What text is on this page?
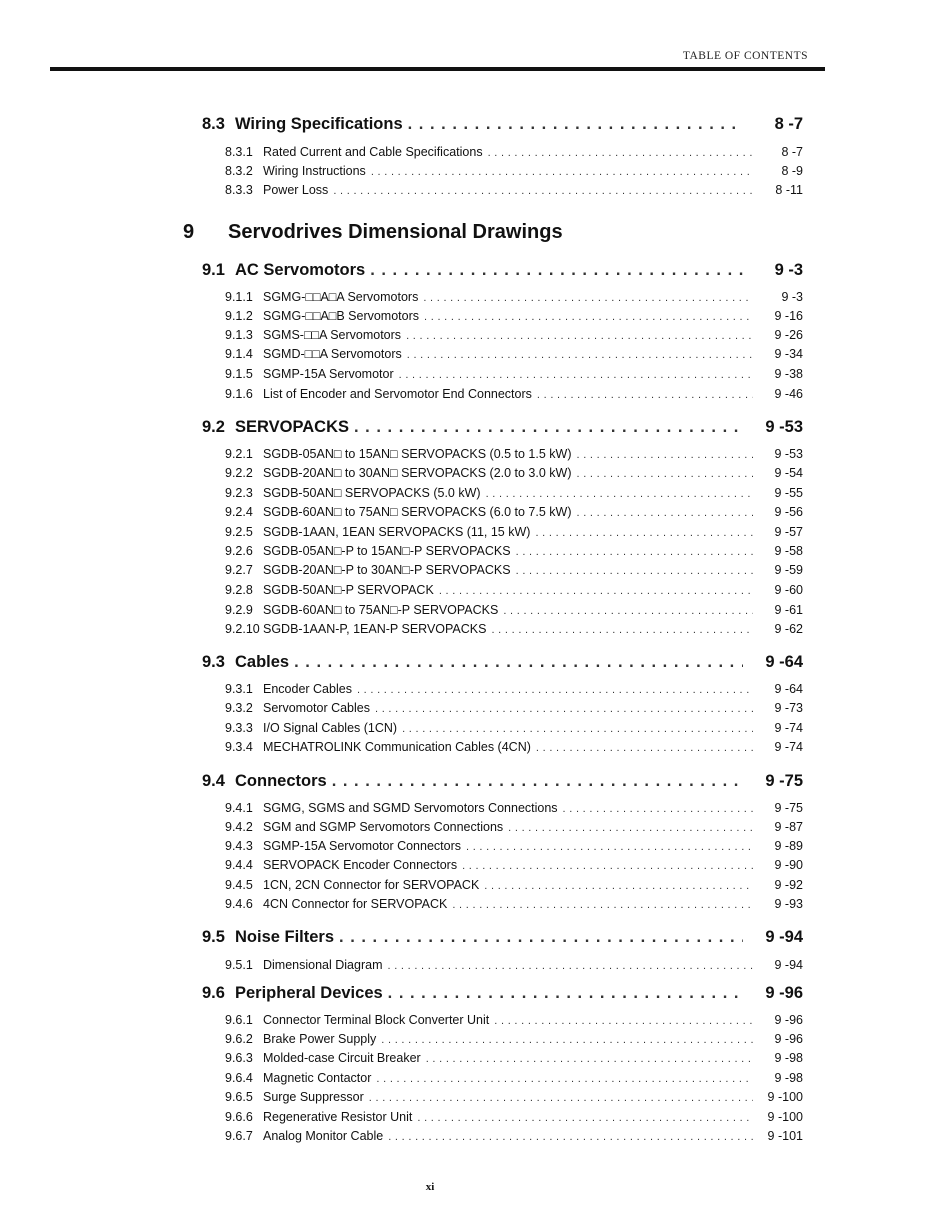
TABLE OF CONTENTS
9	Servodrives Dimensional Drawings
8.3 Wiring Specifications . . .	8 -7
8.3.1 Rated Current and Cable Specifications . . .	8 -7
8.3.2 Wiring Instructions . . .	8 -9
8.3.3 Power Loss . . .	8 -11
9.1 AC Servomotors . . .	9 -3
9.1.1 SGMG-□□A□A Servomotors . . .	9 -3
9.1.2 SGMG-□□A□B Servomotors . . .	9 -16
9.1.3 SGMS-□□A Servomotors . . .	9 -26
9.1.4 SGMD-□□A Servomotors . . .	9 -34
9.1.5 SGMP-15A Servomotor . . .	9 -38
9.1.6 List of Encoder and Servomotor End Connectors . . .	9 -46
9.2 SERVOPACKS . . .	9 -53
9.2.1 SGDB-05AN□ to 15AN□ SERVOPACKS (0.5 to 1.5 kW) . . .	9 -53
9.2.2 SGDB-20AN□ to 30AN□ SERVOPACKS (2.0 to 3.0 kW) . . .	9 -54
9.2.3 SGDB-50AN□ SERVOPACKS (5.0 kW) . . .	9 -55
9.2.4 SGDB-60AN□ to 75AN□ SERVOPACKS (6.0 to 7.5 kW) . . .	9 -56
9.2.5 SGDB-1AAN, 1EAN SERVOPACKS (11, 15 kW) . . .	9 -57
9.2.6 SGDB-05AN□-P to 15AN□-P SERVOPACKS . . .	9 -58
9.2.7 SGDB-20AN□-P to 30AN□-P SERVOPACKS . . .	9 -59
9.2.8 SGDB-50AN□-P SERVOPACK . . .	9 -60
9.2.9 SGDB-60AN□ to 75AN□-P SERVOPACKS . . .	9 -61
9.2.10 SGDB-1AAN-P, 1EAN-P SERVOPACKS . . .	9 -62
9.3 Cables . . .	9 -64
9.3.1 Encoder Cables . . .	9 -64
9.3.2 Servomotor Cables . . .	9 -73
9.3.3 I/O Signal Cables (1CN) . . .	9 -74
9.3.4 MECHATROLINK Communication Cables (4CN) . . .	9 -74
9.4 Connectors . . .	9 -75
9.4.1 SGMG, SGMS and SGMD Servomotors Connections . . .	9 -75
9.4.2 SGM and SGMP Servomotors Connections . . .	9 -87
9.4.3 SGMP-15A Servomotor Connectors . . .	9 -89
9.4.4 SERVOPACK Encoder Connectors . . .	9 -90
9.4.5 1CN, 2CN Connector for SERVOPACK . . .	9 -92
9.4.6 4CN Connector for SERVOPACK . . .	9 -93
9.5 Noise Filters . . .	9 -94
9.5.1 Dimensional Diagram . . .	9 -94
9.6 Peripheral Devices . . .	9 -96
9.6.1 Connector Terminal Block Converter Unit . . .	9 -96
9.6.2 Brake Power Supply . . .	9 -96
9.6.3 Molded-case Circuit Breaker . . .	9 -98
9.6.4 Magnetic Contactor . . .	9 -98
9.6.5 Surge Suppressor . . .	9 -100
9.6.6 Regenerative Resistor Unit . . .	9 -100
9.6.7 Analog Monitor Cable . . .	9 -101
xi
